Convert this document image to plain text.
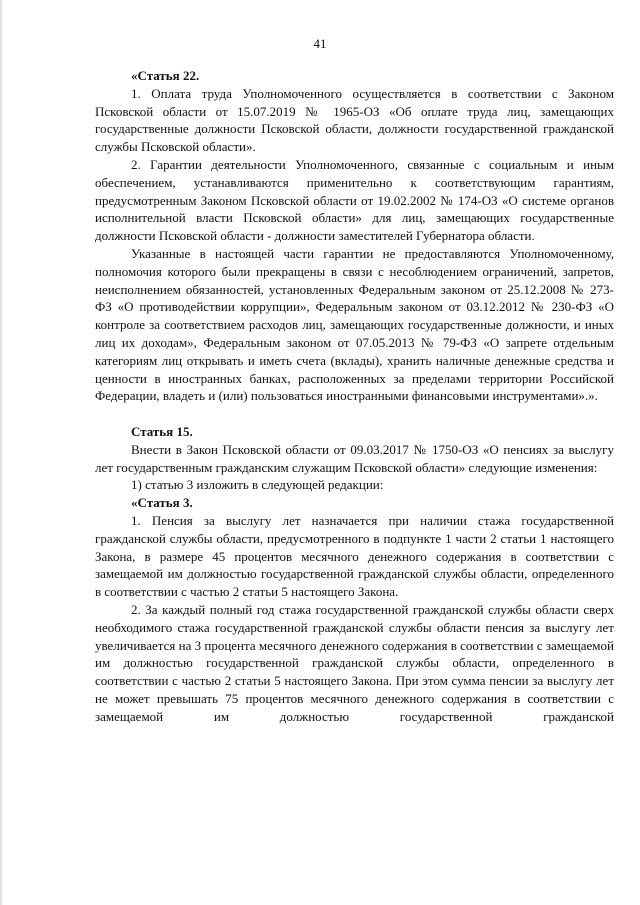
41

«Статья 22.

1. Оплата труда Уполномоченного осуществляется в соответствии с Законом Псковской области от 15.07.2019 № 1965-ОЗ «Об оплате труда лиц, замещающих государственные должности Псковской области, должности государственной гражданской службы Псковской области».

2. Гарантии деятельности Уполномоченного, связанные с социальным и иным обеспечением, устанавливаются применительно к соответствующим гарантиям, предусмотренным Законом Псковской области от 19.02.2002 № 174-ОЗ «О системе органов исполнительной власти Псковской области» для лиц, замещающих государственные должности Псковской области - должности заместителей Губернатора области.

Указанные в настоящей части гарантии не предоставляются Уполномоченному, полномочия которого были прекращены в связи с несоблюдением ограничений, запретов, неисполнением обязанностей, установленных Федеральным законом от 25.12.2008 № 273-ФЗ «О противодействии коррупции», Федеральным законом от 03.12.2012 № 230-ФЗ «О контроле за соответствием расходов лиц, замещающих государственные должности, и иных лиц их доходам», Федеральным законом от 07.05.2013 № 79-ФЗ «О запрете отдельным категориям лиц открывать и иметь счета (вклады), хранить наличные денежные средства и ценности в иностранных банках, расположенных за пределами территории Российской Федерации, владеть и (или) пользоваться иностранными финансовыми инструментами».».

Статья 15.

Внести в Закон Псковской области от 09.03.2017 № 1750-ОЗ «О пенсиях за выслугу лет государственным гражданским служащим Псковской области» следующие изменения:

1) статью 3 изложить в следующей редакции:

«Статья 3.

1. Пенсия за выслугу лет назначается при наличии стажа государственной гражданской службы области, предусмотренного в подпункте 1 части 2 статьи 1 настоящего Закона, в размере 45 процентов месячного денежного содержания в соответствии с замещаемой им должностью государственной гражданской службы области, определенного в соответствии с частью 2 статьи 5 настоящего Закона.

2. За каждый полный год стажа государственной гражданской службы области сверх необходимого стажа государственной гражданской службы области пенсия за выслугу лет увеличивается на 3 процента месячного денежного содержания в соответствии с замещаемой им должностью государственной гражданской службы области, определенного в соответствии с частью 2 статьи 5 настоящего Закона. При этом сумма пенсии за выслугу лет не может превышать 75 процентов месячного денежного содержания в соответствии с замещаемой им должностью государственной гражданской
